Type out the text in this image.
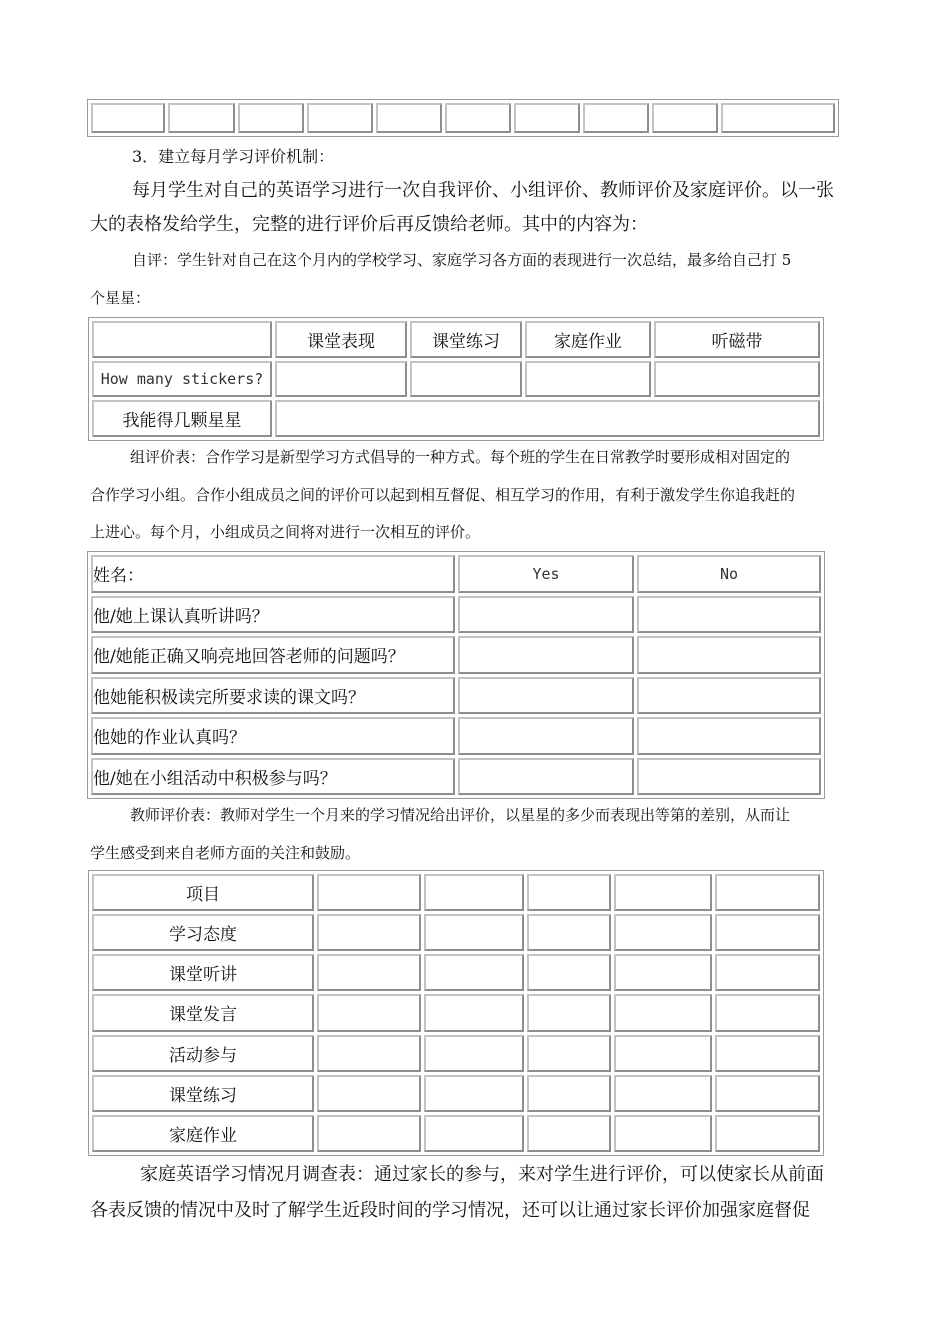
3．建立每月学习评价机制：
每月学生对自己的英语学习进行一次自我评价、小组评价、教师评价及家庭评价。以一张
大的表格发给学生，完整的进行评价后再反馈给老师。其中的内容为：
自评：学生针对自己在这个月内的学校学习、家庭学习各方面的表现进行一次总结，最多给自己打 5
个星星：
	课堂表现	课堂练习	家庭作业	听磁带
How many stickers?				
我能得几颗星星				
组评价表：合作学习是新型学习方式倡导的一种方式。每个班的学生在日常教学时要形成相对固定的
合作学习小组。合作小组成员之间的评价可以起到相互督促、相互学习的作用，有利于激发学生你追我赶的
上进心。每个月，小组成员之间将对进行一次相互的评价。
姓名：	Yes	No
他/她上课认真听讲吗？		
他/她能正确又响亮地回答老师的问题吗？		
他她能积极读完所要求读的课文吗？		
他她的作业认真吗？		
他/她在小组活动中积极参与吗？		
教师评价表：教师对学生一个月来的学习情况给出评价，以星星的多少而表现出等第的差别，从而让
学生感受到来自老师方面的关注和鼓励。
项目					
学习态度					
课堂听讲					
课堂发言					
活动参与					
课堂练习					
家庭作业					
家庭英语学习情况月调查表：通过家长的参与，来对学生进行评价，可以使家长从前面
各表反馈的情况中及时了解学生近段时间的学习情况，还可以让通过家长评价加强家庭督促
